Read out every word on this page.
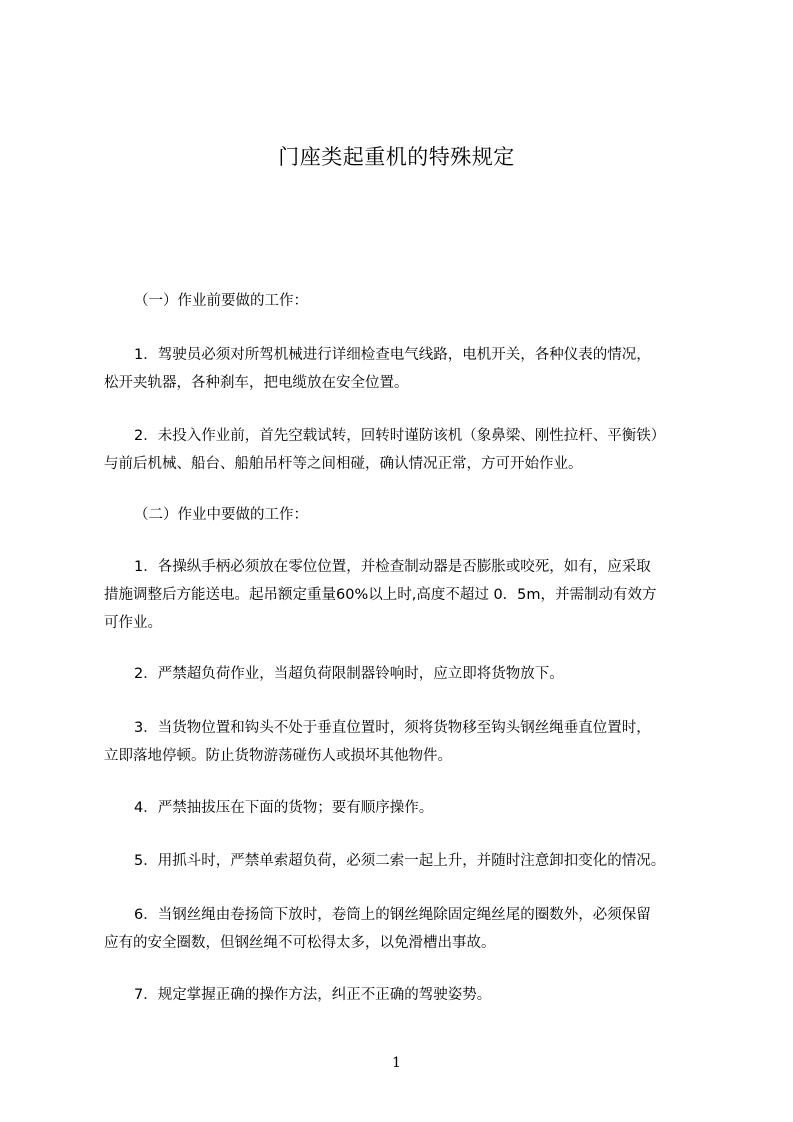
门座类起重机的特殊规定
（一）作业前要做的工作：
1．驾驶员必须对所驾机械进行详细检查电气线路，电机开关，各种仪表的情况，
松开夹轨器，各种刹车，把电缆放在安全位置。
2．未投入作业前，首先空载试转，回转时谨防该机（象鼻梁、刚性拉杆、平衡铁）
与前后机械、船台、船舶吊杆等之间相碰，确认情况正常，方可开始作业。
（二）作业中要做的工作：
1．各操纵手柄必须放在零位位置，并检查制动器是否膨胀或咬死，如有，应采取
措施调整后方能送电。起吊额定重量60%以上时,高度不超过 0．5m，并需制动有效方
可作业。
2．严禁超负荷作业，当超负荷限制器铃响时，应立即将货物放下。
3．当货物位置和钩头不处于垂直位置时，须将货物移至钩头钢丝绳垂直位置时，
立即落地停顿。防止货物游荡碰伤人或损坏其他物件。
4．严禁抽拔压在下面的货物；要有顺序操作。
5．用抓斗时，严禁单索超负荷，必须二索一起上升，并随时注意卸扣变化的情况。
6．当钢丝绳由卷扬筒下放时，卷筒上的钢丝绳除固定绳丝尾的圈数外，必须保留
应有的安全圈数，但钢丝绳不可松得太多，以免滑槽出事故。
7．规定掌握正确的操作方法，纠正不正确的驾驶姿势。
1
